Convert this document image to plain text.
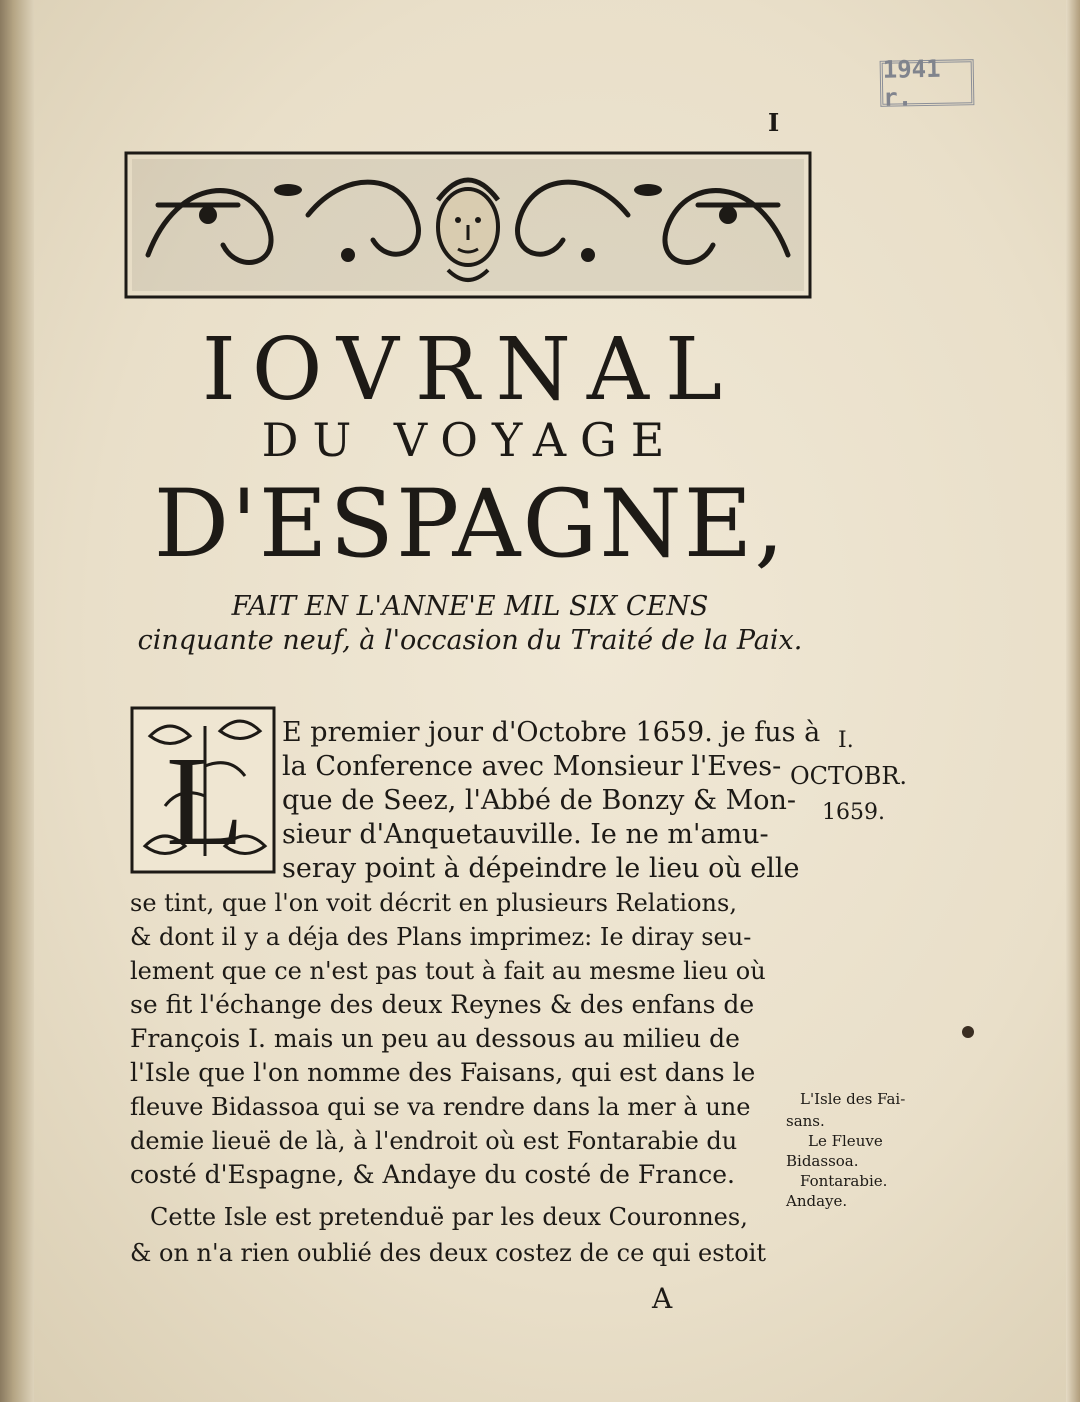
1941 r.
I
IOVRNAL
DU VOYAGE
D'ESPAGNE,
FAIT EN L'ANNE'E MIL SIX CENS
cinquante neuf, à l'occasion du Traité de la Paix.
L E premier jour d'Octobre 1659. je fus à
la Conference avec Monsieur l'Eves-
que de Seez, l'Abbé de Bonzy & Mon-
sieur d'Anquetauville. Ie ne m'amu-
seray point à dépeindre le lieu où elle
se tint, que l'on voit décrit en plusieurs Relations,
& dont il y a déja des Plans imprimez: Ie diray seu-
lement que ce n'est pas tout à fait au mesme lieu où
se fit l'échange des deux Reynes & des enfans de
François I. mais un peu au dessous au milieu de
l'Isle que l'on nomme des Faisans, qui est dans le
fleuve Bidassoa qui se va rendre dans la mer à une
demie lieuë de là, à l'endroit où est Fontarabie du
costé d'Espagne, & Andaye du costé de France.
Cette Isle est pretenduë par les deux Couronnes,
& on n'a rien oublié des deux costez de ce qui estoit
I.
OCTOBR.
1659.
L'Isle des Fai-
sans.
Le Fleuve
Bidassoa.
Fontarabie.
Andaye.
A
